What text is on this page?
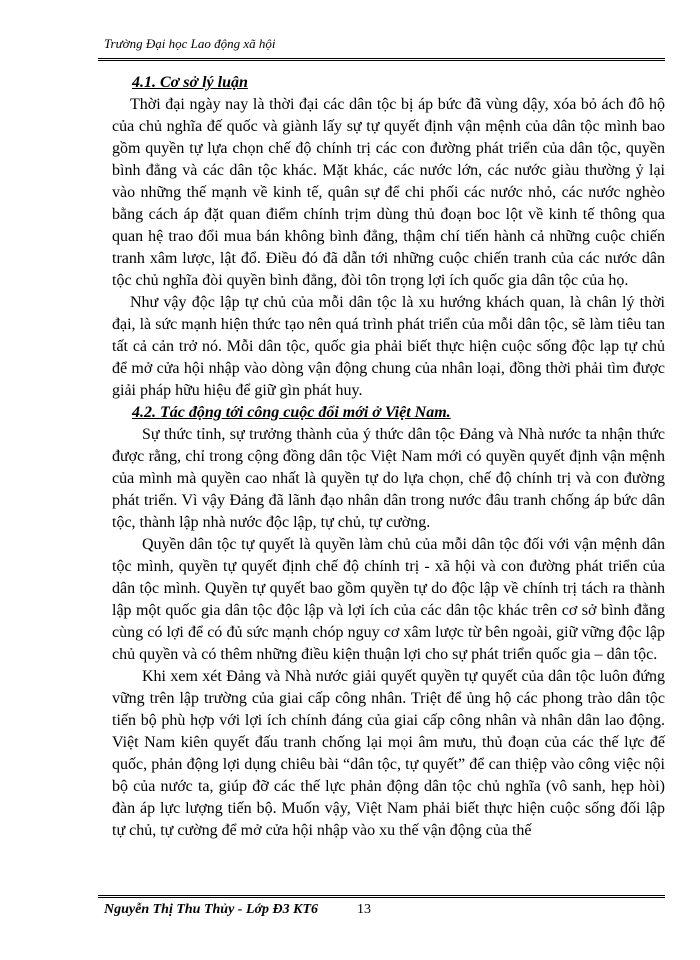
Trường Đại học Lao động xã hội
4.1. Cơ sở lý luận

Thời đại ngày nay là thời đại các dân tộc bị áp bức đã vùng dậy, xóa bỏ ách đô hộ của chủ nghĩa đế quốc và giành lấy sự tự quyết định vận mệnh của dân tộc mình bao gồm quyền tự lựa chọn chế độ chính trị các con đường phát triển của dân tộc, quyền bình đẳng và các dân tộc khác. Mặt khác, các nước lớn, các nước giàu thường ỷ lại vào những thế mạnh về kinh tế, quân sự để chi phối các nước nhỏ, các nước nghèo bằng cách áp đặt quan điểm chính trịm dùng thủ đoạn boc lột về kinh tế thông qua quan hệ trao đổi mua bán không bình đẳng, thậm chí tiến hành cả những cuộc chiến tranh xâm lược, lật đổ. Điều đó đã dẫn tới những cuộc chiến tranh của các nước dân tộc chủ nghĩa đòi quyền bình đẳng, đòi tôn trọng lợi ích quốc gia dân tộc của họ.

Như vậy độc lập tự chủ của mỗi dân tộc là xu hướng khách quan, là chân lý thời đại, là sức mạnh hiện thức tạo nên quá trình phát triển của mỗi dân tộc, sẽ làm tiêu tan tất cả cản trở nó. Mỗi dân tộc, quốc gia phải biết thực hiện cuộc sống độc lạp tự chủ để mở cửa hội nhập vào dòng vận động chung của nhân loại, đồng thời phải tìm được giải pháp hữu hiệu để giữ gìn phát huy.

4.2. Tác động tới công cuộc đổi mới ở Việt Nam.

Sự thức tỉnh, sự trưởng thành của ý thức dân tộc Đảng và Nhà nước ta nhận thức được rằng, chỉ trong cộng đồng dân tộc Việt Nam mới có quyền quyết định vận mệnh của mình mà quyền cao nhất là quyền tự do lựa chọn, chế độ chính trị và con đường phát triển. Vì vậy Đảng đã lãnh đạo nhân dân trong nước đâu tranh chống áp bức dân tộc, thành lập nhà nước độc lập, tự chủ, tự cường.

Quyền dân tộc tự quyết là quyền làm chủ của mỗi dân tộc đối với vận mệnh dân tộc mình, quyền tự quyết định chế độ chính trị - xã hội và con đường phát triển của dân tộc mình. Quyền tự quyết bao gồm quyền tự do độc lập về chính trị tách ra thành lập một quốc gia dân tộc độc lập và lợi ích của các dân tộc khác trên cơ sở bình đẳng cùng có lợi để có đủ sức mạnh chóp nguy cơ xâm lược từ bên ngoài, giữ vững độc lập chủ quyền và có thêm những điều kiện thuận lợi cho sự phát triển quốc gia – dân tộc.

Khi xem xét Đảng và Nhà nước giải quyết quyền tự quyết của dân tộc luôn đứng vững trên lập trường của giai cấp công nhân. Triệt để ủng hộ các phong trào dân tộc tiến bộ phù hợp với lợi ích chính đáng của giai cấp công nhân và nhân dân lao động. Việt Nam kiên quyết đấu tranh chống lại mọi âm mưu, thủ đoạn của các thế lực đế quốc, phản động lợi dụng chiêu bài “dân tộc, tự quyết” để can thiệp vào công việc nội bộ của nước ta, giúp đỡ các thế lực phản động dân tộc chủ nghĩa (vô sanh, hẹp hòi) đàn áp lực lượng tiến bộ. Muốn vậy, Việt Nam phải biết thực hiện cuộc sống đối lập tự chủ, tự cường để mở cửa hội nhập vào xu thế vận động của thế

Nguyễn Thị Thu Thủy - Lớp Đ3 KT6	13
